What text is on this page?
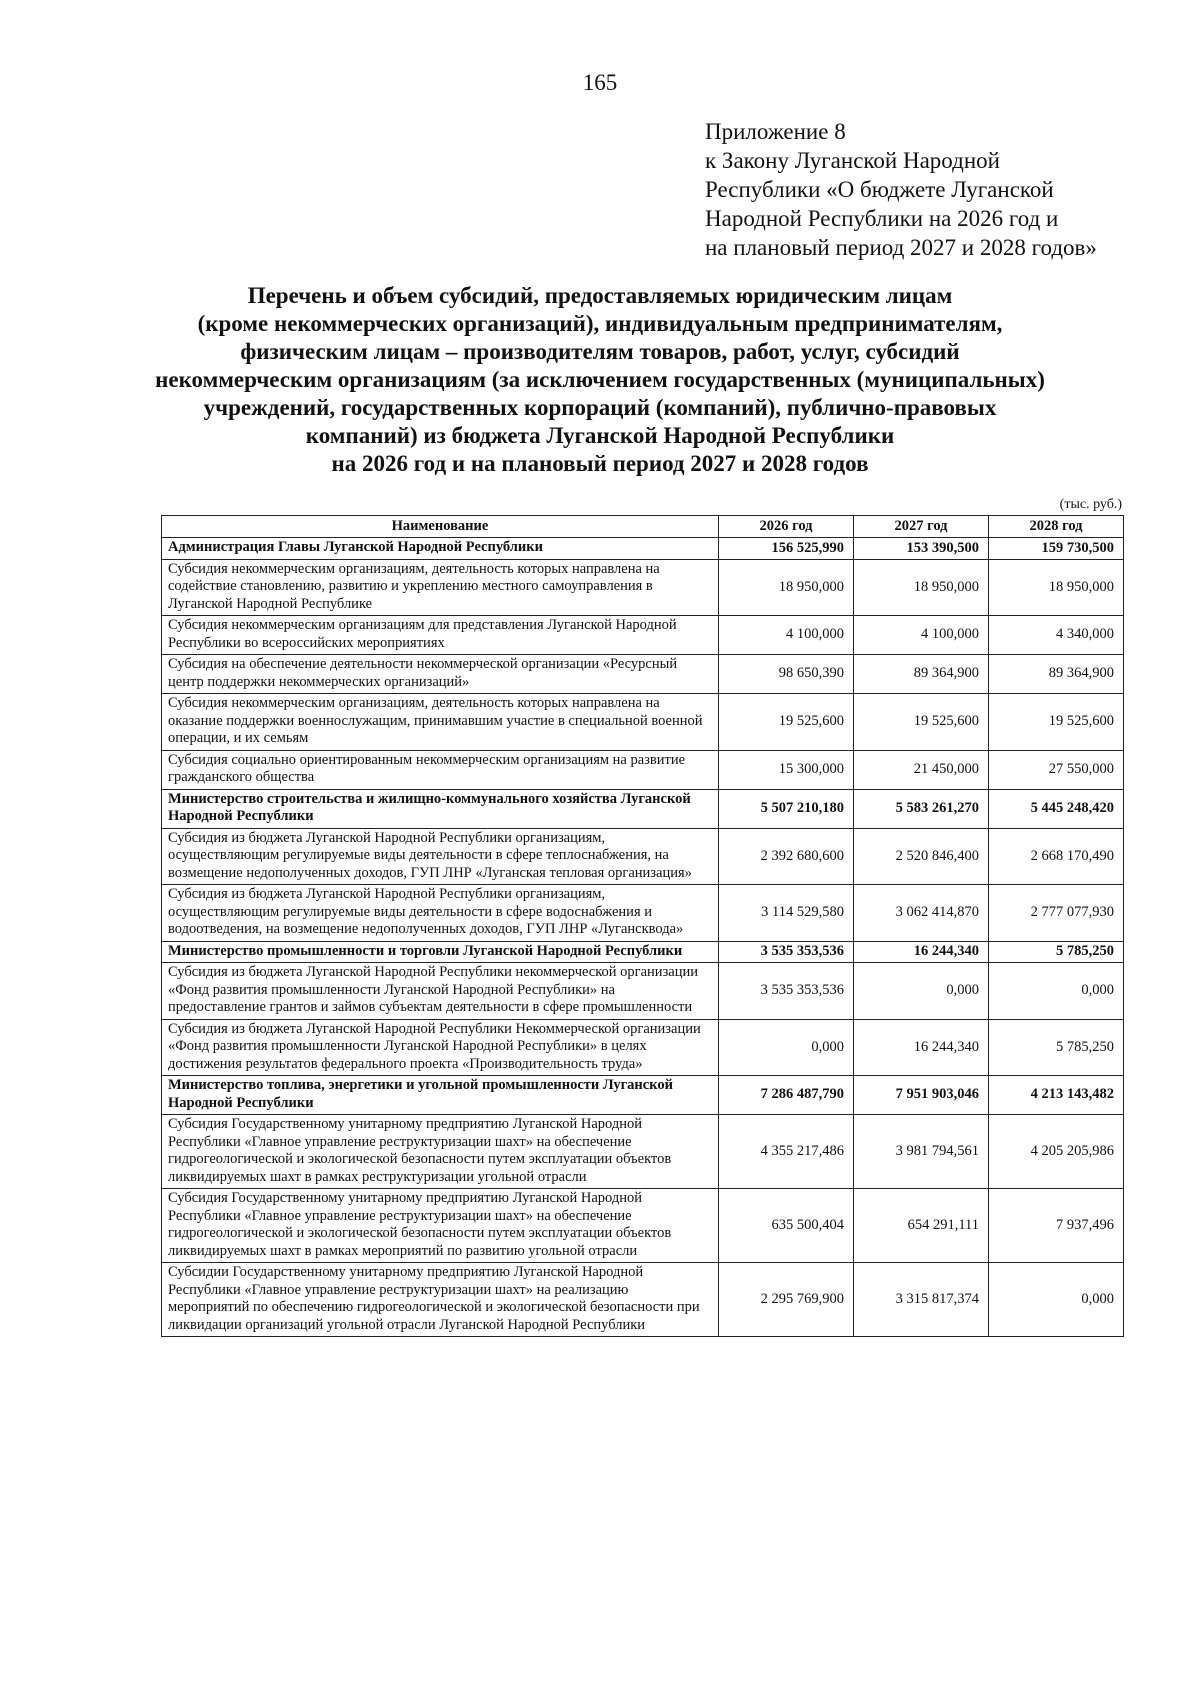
165
Приложение 8
к Закону Луганской Народной
Республики «О бюджете Луганской
Народной Республики на 2026 год и
на плановый период 2027 и 2028 годов»
Перечень и объем субсидий, предоставляемых юридическим лицам
(кроме некоммерческих организаций), индивидуальным предпринимателям,
физическим лицам – производителям товаров, работ, услуг, субсидий
некоммерческим организациям (за исключением государственных (муниципальных)
учреждений, государственных корпораций (компаний), публично-правовых
компаний) из бюджета Луганской Народной Республики
на 2026 год и на плановый период 2027 и 2028 годов
(тыс. руб.)
Наименование	2026 год	2027 год	2028 год
Администрация Главы Луганской Народной Республики	156 525,990	153 390,500	159 730,500
Субсидия некоммерческим организациям, деятельность которых направлена на содействие становлению, развитию и укреплению местного самоуправления в Луганской Народной Республике	18 950,000	18 950,000	18 950,000
Субсидия некоммерческим организациям для представления Луганской Народной Республики во всероссийских мероприятиях	4 100,000	4 100,000	4 340,000
Субсидия на обеспечение деятельности некоммерческой организации «Ресурсный центр поддержки некоммерческих организаций»	98 650,390	89 364,900	89 364,900
Субсидия некоммерческим организациям, деятельность которых направлена на оказание поддержки военнослужащим, принимавшим участие в специальной военной операции, и их семьям	19 525,600	19 525,600	19 525,600
Субсидия социально ориентированным некоммерческим организациям на развитие гражданского общества	15 300,000	21 450,000	27 550,000
Министерство строительства и жилищно-коммунального хозяйства Луганской Народной Республики	5 507 210,180	5 583 261,270	5 445 248,420
Субсидия из бюджета Луганской Народной Республики организациям, осуществляющим регулируемые виды деятельности в сфере теплоснабжения, на возмещение недополученных доходов, ГУП ЛНР «Луганская тепловая организация»	2 392 680,600	2 520 846,400	2 668 170,490
Субсидия из бюджета Луганской Народной Республики организациям, осуществляющим регулируемые виды деятельности в сфере водоснабжения и водоотведения, на возмещение недополученных доходов, ГУП ЛНР «Лугансквода»	3 114 529,580	3 062 414,870	2 777 077,930
Министерство промышленности и торговли Луганской Народной Республики	3 535 353,536	16 244,340	5 785,250
Субсидия из бюджета Луганской Народной Республики некоммерческой организации «Фонд развития промышленности Луганской Народной Республики» на предоставление грантов и займов субъектам деятельности в сфере промышленности	3 535 353,536	0,000	0,000
Субсидия из бюджета Луганской Народной Республики Некоммерческой организации «Фонд развития промышленности Луганской Народной Республики» в целях достижения результатов федерального проекта «Производительность труда»	0,000	16 244,340	5 785,250
Министерство топлива, энергетики и угольной промышленности Луганской Народной Республики	7 286 487,790	7 951 903,046	4 213 143,482
Субсидия Государственному унитарному предприятию Луганской Народной Республики «Главное управление реструктуризации шахт» на обеспечение гидрогеологической и экологической безопасности путем эксплуатации объектов ликвидируемых шахт в рамках реструктуризации угольной отрасли	4 355 217,486	3 981 794,561	4 205 205,986
Субсидия Государственному унитарному предприятию Луганской Народной Республики «Главное управление реструктуризации шахт» на обеспечение гидрогеологической и экологической безопасности путем эксплуатации объектов ликвидируемых шахт в рамках мероприятий по развитию угольной отрасли	635 500,404	654 291,111	7 937,496
Субсидии Государственному унитарному предприятию Луганской Народной Республики «Главное управление реструктуризации шахт» на реализацию мероприятий по обеспечению гидрогеологической и экологической безопасности при ликвидации организаций угольной отрасли Луганской Народной Республики	2 295 769,900	3 315 817,374	0,000
